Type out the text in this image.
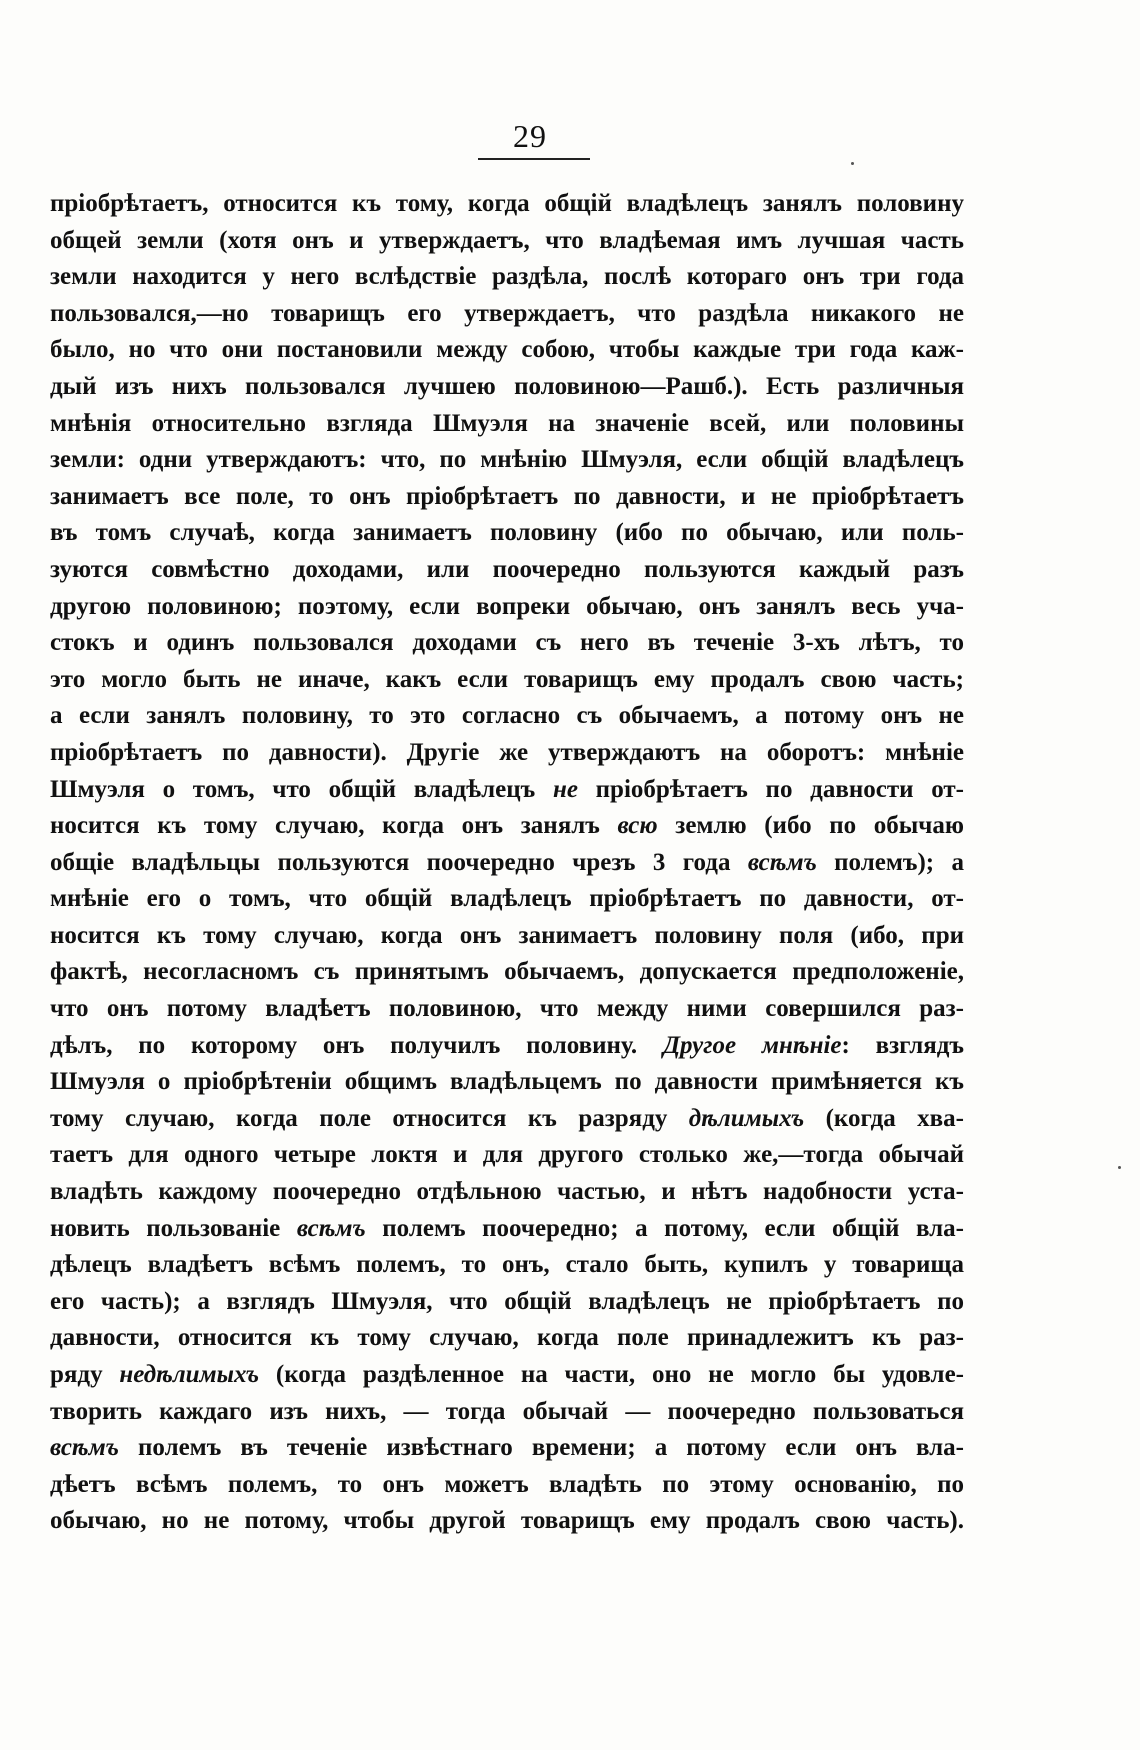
29
пріобрѣтаетъ, относится къ тому, когда общій владѣлецъ занялъ половину
общей земли (хотя онъ и утверждаетъ, что владѣемая имъ лучшая часть
земли находится у него вслѣдствіе раздѣла, послѣ котораго онъ три года
пользовался,—но товарищъ его утверждаетъ, что раздѣла никакого не
было, но что они постановили между собою, чтобы каждые три года каж-
дый изъ нихъ пользовался лучшею половиною—Рашб.). Есть различныя
мнѣнія относительно взгляда Шмуэля на значеніе всей, или половины
земли: одни утверждаютъ: что, по мнѣнію Шмуэля, если общій владѣлецъ
занимаетъ все поле, то онъ пріобрѣтаетъ по давности, и не пріобрѣтаетъ
въ томъ случаѣ, когда занимаетъ половину (ибо по обычаю, или поль-
зуются совмѣстно доходами, или поочередно пользуются каждый разъ
другою половиною; поэтому, если вопреки обычаю, онъ занялъ весь уча-
стокъ и одинъ пользовался доходами съ него въ теченіе 3-хъ лѣтъ, то
это могло быть не иначе, какъ если товарищъ ему продалъ свою часть;
а если занялъ половину, то это согласно съ обычаемъ, а потому онъ не
пріобрѣтаетъ по давности). Другіе же утверждаютъ на оборотъ: мнѣніе
Шмуэля о томъ, что общій владѣлецъ не пріобрѣтаетъ по давности от-
носится къ тому случаю, когда онъ занялъ всю землю (ибо по обычаю
общіе владѣльцы пользуются поочередно чрезъ 3 года всѣмъ полемъ); а
мнѣніе его о томъ, что общій владѣлецъ пріобрѣтаетъ по давности, от-
носится къ тому случаю, когда онъ занимаетъ половину поля (ибо, при
фактѣ, несогласномъ съ принятымъ обычаемъ, допускается предположеніе,
что онъ потому владѣетъ половиною, что между ними совершился раз-
дѣлъ, по которому онъ получилъ половину. Другое мнѣніе: взглядъ
Шмуэля о пріобрѣтеніи общимъ владѣльцемъ по давности примѣняется къ
тому случаю, когда поле относится къ разряду дѣлимыхъ (когда хва-
таетъ для одного четыре локтя и для другого столько же,—тогда обычай
владѣть каждому поочередно отдѣльною частью, и нѣтъ надобности уста-
новить пользованіе всѣмъ полемъ поочередно; а потому, если общій вла-
дѣлецъ владѣетъ всѣмъ полемъ, то онъ, стало быть, купилъ у товарища
его часть); а взглядъ Шмуэля, что общій владѣлецъ не пріобрѣтаетъ по
давности, относится къ тому случаю, когда поле принадлежитъ къ раз-
ряду недѣлимыхъ (когда раздѣленное на части, оно не могло бы удовле-
творить каждаго изъ нихъ, — тогда обычай — поочередно пользоваться
всѣмъ полемъ въ теченіе извѣстнаго времени; а потому если онъ вла-
дѣетъ всѣмъ полемъ, то онъ можетъ владѣть по этому основанію, по
обычаю, но не потому, чтобы другой товарищъ ему продалъ свою часть).
